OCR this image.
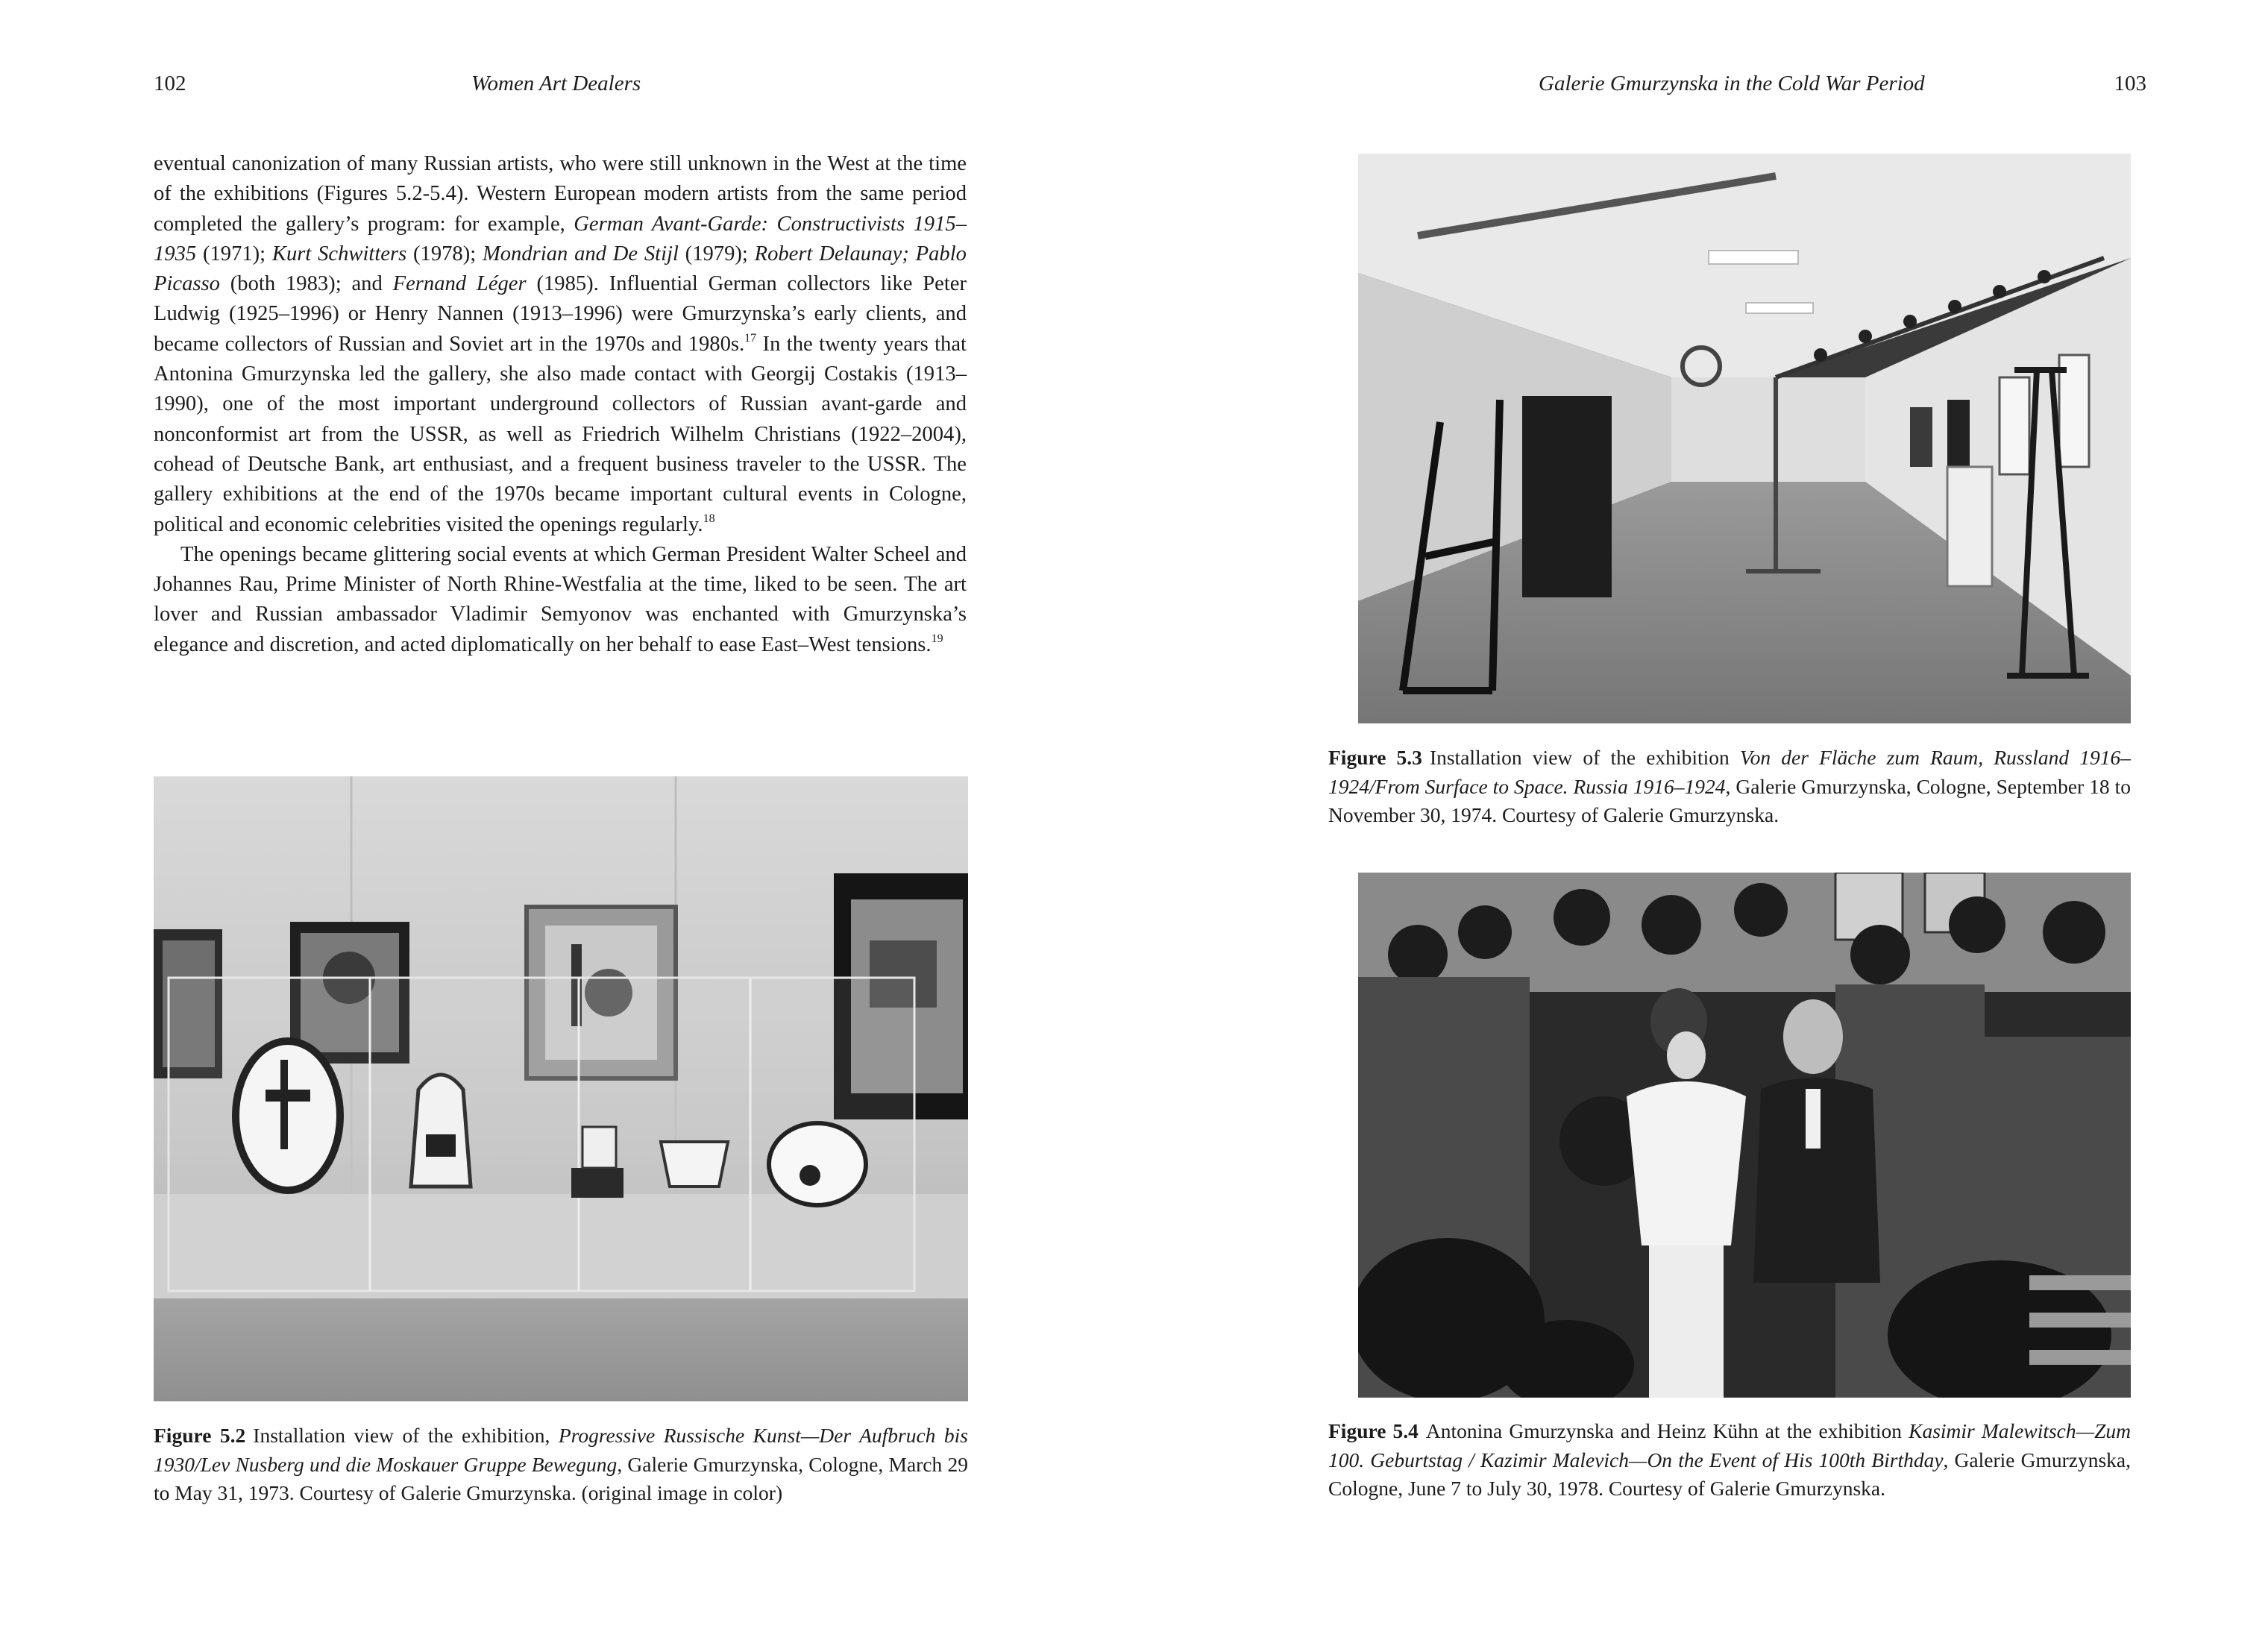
102	Women Art Dealers

eventual canonization of many Russian artists, who were still unknown in the West at the time of the exhibitions (Figures 5.2-5.4). Western European modern artists from the same period completed the gallery’s program: for example, German Avant-Garde: Constructivists 1915–1935 (1971); Kurt Schwitters (1978); Mondrian and De Stijl (1979); Robert Delaunay; Pablo Picasso (both 1983); and Fernand Léger (1985). Influential German collectors like Peter Ludwig (1925–1996) or Henry Nannen (1913–1996) were Gmurzynska’s early clients, and became collectors of Russian and Soviet art in the 1970s and 1980s.$^{17}$ In the twenty years that Antonina Gmurzynska led the gallery, she also made contact with Georgij Costakis (1913–1990), one of the most important underground collectors of Russian avant-garde and nonconformist art from the USSR, as well as Friedrich Wilhelm Christians (1922–2004), cohead of Deutsche Bank, art enthusiast, and a frequent business traveler to the USSR. The gallery exhibitions at the end of the 1970s became important cultural events in Cologne, political and economic celebrities visited the openings regularly.$^{18}$

The openings became glittering social events at which German President Walter Scheel and Johannes Rau, Prime Minister of North Rhine-Westfalia at the time, liked to be seen. The art lover and Russian ambassador Vladimir Semyonov was enchanted with Gmurzynska’s elegance and discretion, and acted diplomatically on her behalf to ease East–West tensions.$^{19}$

Figure 5.2 Installation view of the exhibition, Progressive Russische Kunst—Der Aufbruch bis 1930/Lev Nusberg und die Moskauer Gruppe Bewegung, Galerie Gmurzynska, Cologne, March 29 to May 31, 1973. Courtesy of Galerie Gmurzynska. (original image in color)
Galerie Gmurzynska in the Cold War Period	103
Figure 5.3 Installation view of the exhibition Von der Fläche zum Raum, Russland 1916–1924/From Surface to Space. Russia 1916–1924, Galerie Gmurzynska, Cologne, September 18 to November 30, 1974. Courtesy of Galerie Gmurzynska.
Figure 5.4 Antonina Gmurzynska and Heinz Kühn at the exhibition Kasimir Malewitsch—Zum 100. Geburtstag / Kazimir Malevich—On the Event of His 100th Birthday, Galerie Gmurzynska, Cologne, June 7 to July 30, 1978. Courtesy of Galerie Gmurzynska.
